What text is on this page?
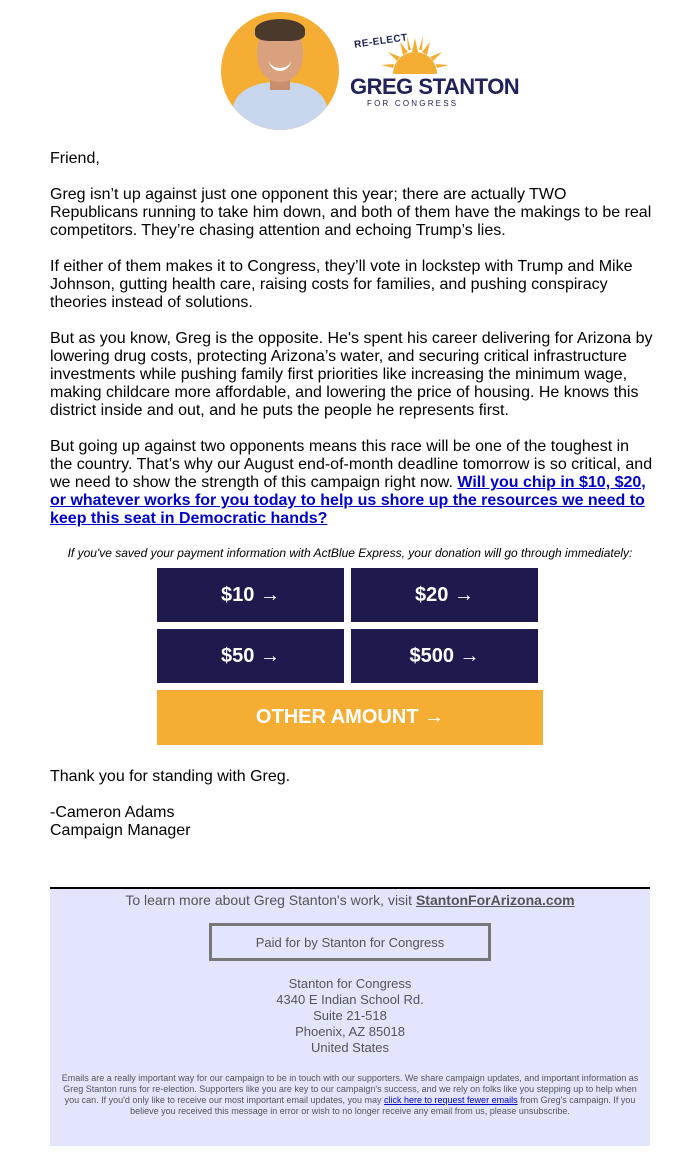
RE-ELECT
GREG STANTON
FOR CONGRESS

Friend,

Greg isn’t up against just one opponent this year; there are actually TWO Republicans running to take him down, and both of them have the makings to be real competitors. They’re chasing attention and echoing Trump’s lies.

If either of them makes it to Congress, they’ll vote in lockstep with Trump and Mike Johnson, gutting health care, raising costs for families, and pushing conspiracy theories instead of solutions.

But as you know, Greg is the opposite. He's spent his career delivering for Arizona by lowering drug costs, protecting Arizona’s water, and securing critical infrastructure investments while pushing family first priorities like increasing the minimum wage, making childcare more affordable, and lowering the price of housing. He knows this district inside and out, and he puts the people he represents first.

But going up against two opponents means this race will be one of the toughest in the country. That’s why our August end-of-month deadline tomorrow is so critical, and we need to show the strength of this campaign right now. Will you chip in $10, $20, or whatever works for you today to help us shore up the resources we need to keep this seat in Democratic hands?

If you've saved your payment information with ActBlue Express, your donation will go through immediately:
$10 →	$20 →
$50 →	$500 →
OTHER AMOUNT →

Thank you for standing with Greg.

-Cameron Adams
Campaign Manager
To learn more about Greg Stanton's work, visit StantonForArizona.com
Paid for by Stanton for Congress
Stanton for Congress
4340 E Indian School Rd.
Suite 21-518
Phoenix, AZ 85018
United States
Emails are a really important way for our campaign to be in touch with our supporters. We share campaign updates, and important information as Greg Stanton runs for re-election. Supporters like you are key to our campaign's success, and we rely on folks like you stepping up to help when you can. If you'd only like to receive our most important email updates, you may click here to request fewer emails from Greg's campaign. If you believe you received this message in error or wish to no longer receive any email from us, please unsubscribe.
